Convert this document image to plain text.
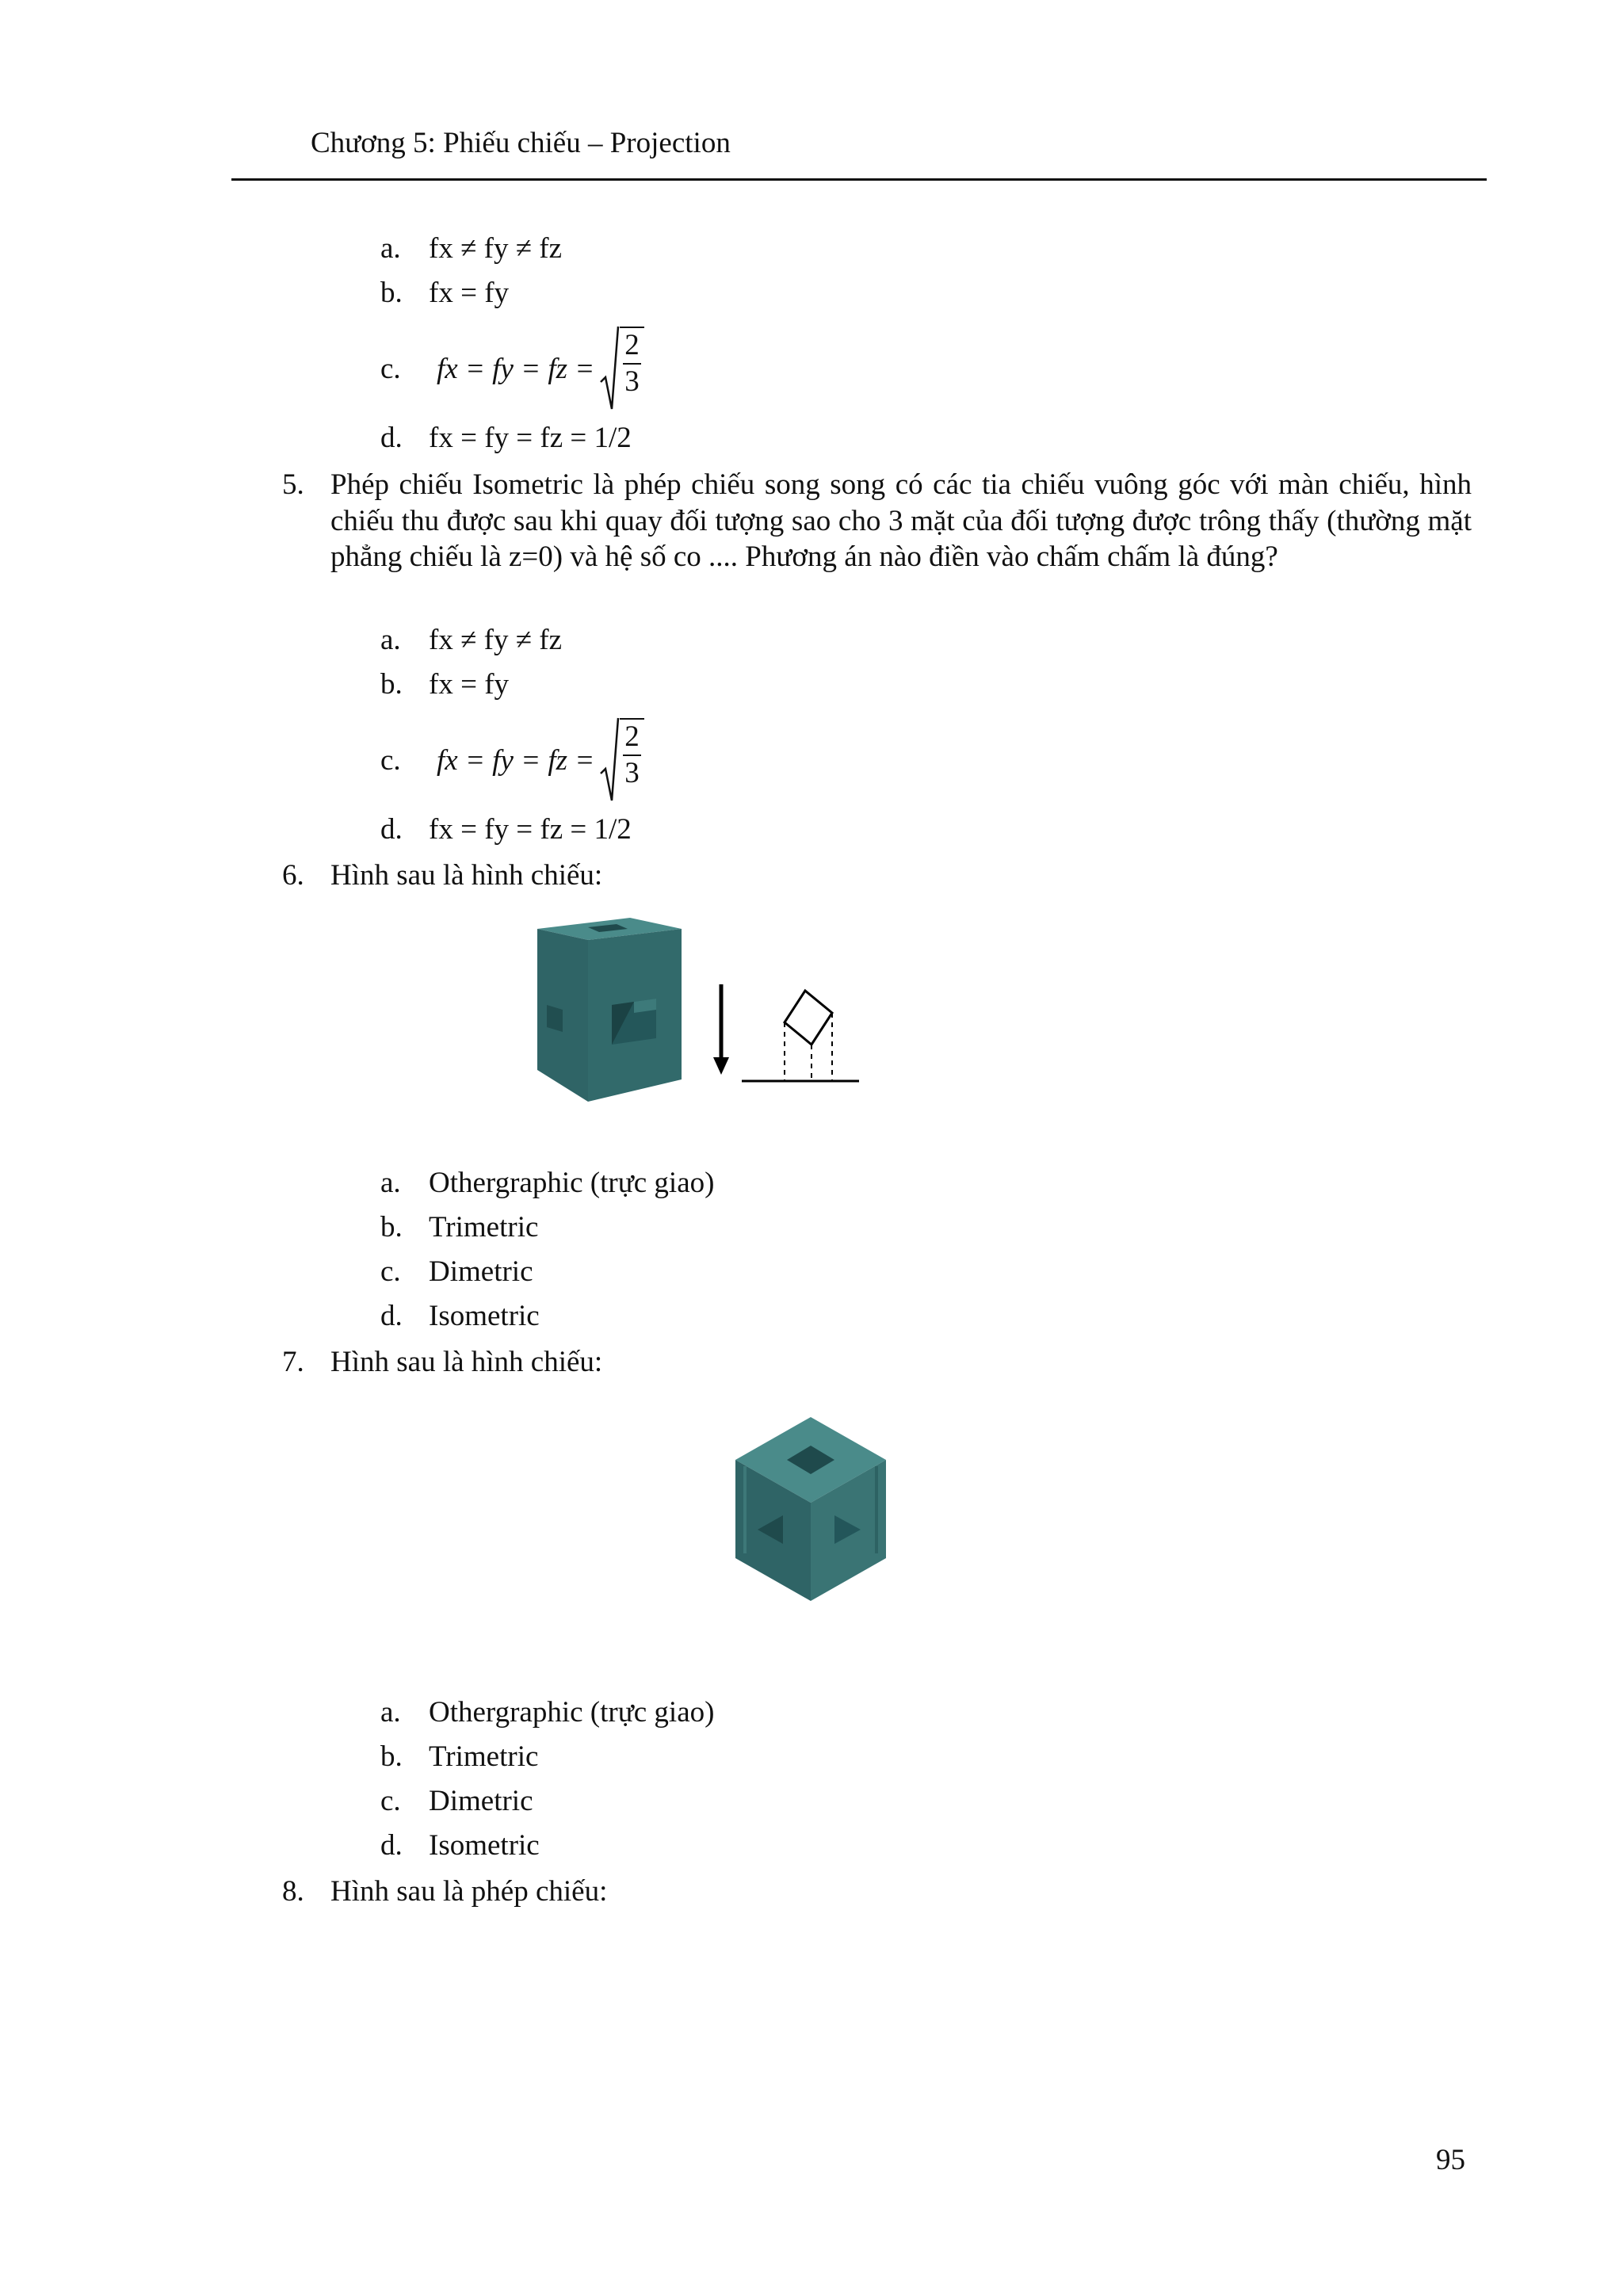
Chương 5: Phiếu chiếu – Projection
a. fx ≠ fy ≠ fz
b. fx = fy
c. fx = fy = fz = $\frac{2}{3}$
d. fx = fy = fz = 1/2
5. Phép chiếu Isometric là phép chiếu song song có các tia chiếu vuông góc với màn chiếu, hình chiếu thu được sau khi quay đối tượng sao cho 3 mặt của đối tượng được trông thấy (thường mặt phẳng chiếu là z=0) và hệ số co .... Phương án nào điền vào chấm chấm là đúng?
a. fx ≠ fy ≠ fz
b. fx = fy
c. fx = fy = fz = $\frac{2}{3}$
d. fx = fy = fz = 1/2
6. Hình sau là hình chiếu:
a. Othergraphic (trực giao)
b. Trimetric
c. Dimetric
d. Isometric
7. Hình sau là hình chiếu:
a. Othergraphic (trực giao)
b. Trimetric
c. Dimetric
d. Isometric
8. Hình sau là phép chiếu:
95
